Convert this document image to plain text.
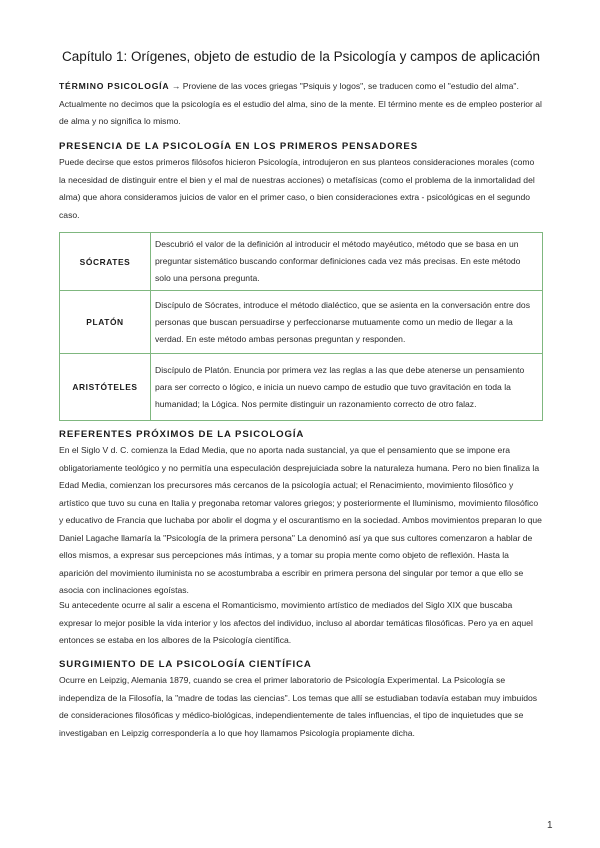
Capítulo 1: Orígenes, objeto de estudio de la Psicología y campos de aplicación

TÉRMINO PSICOLOGÍA → Proviene de las voces griegas "Psiquis y logos", se traducen como el "estudio del alma". Actualmente no decimos que la psicología es el estudio del alma, sino de la mente. El término mente es de empleo posterior al de alma y no significa lo mismo.

PRESENCIA DE LA PSICOLOGÍA EN LOS PRIMEROS PENSADORES

Puede decirse que estos primeros filósofos hicieron Psicología, introdujeron en sus planteos consideraciones morales (como la necesidad de distinguir entre el bien y el mal de nuestras acciones) o metafísicas (como el problema de la inmortalidad del alma) que ahora consideramos juicios de valor en el primer caso, o bien consideraciones extra - psicológicas en el segundo caso.

SÓCRATES	Descubrió el valor de la definición al introducir el método mayéutico, método que se basa en un preguntar sistemático buscando conformar definiciones cada vez más precisas. En este método solo una persona pregunta.
PLATÓN	Discípulo de Sócrates, introduce el método dialéctico, que se asienta en la conversación entre dos personas que buscan persuadirse y perfeccionarse mutuamente como un medio de llegar a la verdad. En este método ambas personas preguntan y responden.
ARISTÓTELES	Discípulo de Platón. Enuncia por primera vez las reglas a las que debe atenerse un pensamiento para ser correcto o lógico, e inicia un nuevo campo de estudio que tuvo gravitación en toda la humanidad; la Lógica. Nos permite distinguir un razonamiento correcto de otro falaz.
REFERENTES PRÓXIMOS DE LA PSICOLOGÍA

En el Siglo V d. C. comienza la Edad Media, que no aporta nada sustancial, ya que el pensamiento que se impone era obligatoriamente teológico y no permitía una especulación desprejuiciada sobre la naturaleza humana. Pero no bien finaliza la Edad Media, comienzan los precursores más cercanos de la psicología actual; el Renacimiento, movimiento filosófico y artístico que tuvo su cuna en Italia y pregonaba retomar valores griegos; y posteriormente el Iluminismo, movimiento filosófico y educativo de Francia que luchaba por abolir el dogma y el oscurantismo en la sociedad. Ambos movimientos preparan lo que Daniel Lagache llamaría la "Psicología de la primera persona" La denominó así ya que sus cultores comenzaron a hablar de ellos mismos, a expresar sus percepciones más íntimas, y a tomar su propia mente como objeto de reflexión. Hasta la aparición del movimiento iluminista no se acostumbraba a escribir en primera persona del singular por temor a que ello se asocia con inclinaciones egoístas.

Su antecedente ocurre al salir a escena el Romanticismo, movimiento artístico de mediados del Siglo XIX que buscaba expresar lo mejor posible la vida interior y los afectos del individuo, incluso al abordar temáticas filosóficas. Pero ya en aquel entonces se estaba en los albores de la Psicología científica.

SURGIMIENTO DE LA PSICOLOGÍA CIENTÍFICA

Ocurre en Leipzig, Alemania 1879, cuando se crea el primer laboratorio de Psicología Experimental. La Psicología se independiza de la Filosofía, la "madre de todas las ciencias". Los temas que allí se estudiaban todavía estaban muy imbuidos de consideraciones filosóficas y médico-biológicas, independientemente de tales influencias, el tipo de inquietudes que se investigaban en Leipzig correspondería a lo que hoy llamamos Psicología propiamente dicha.

1
